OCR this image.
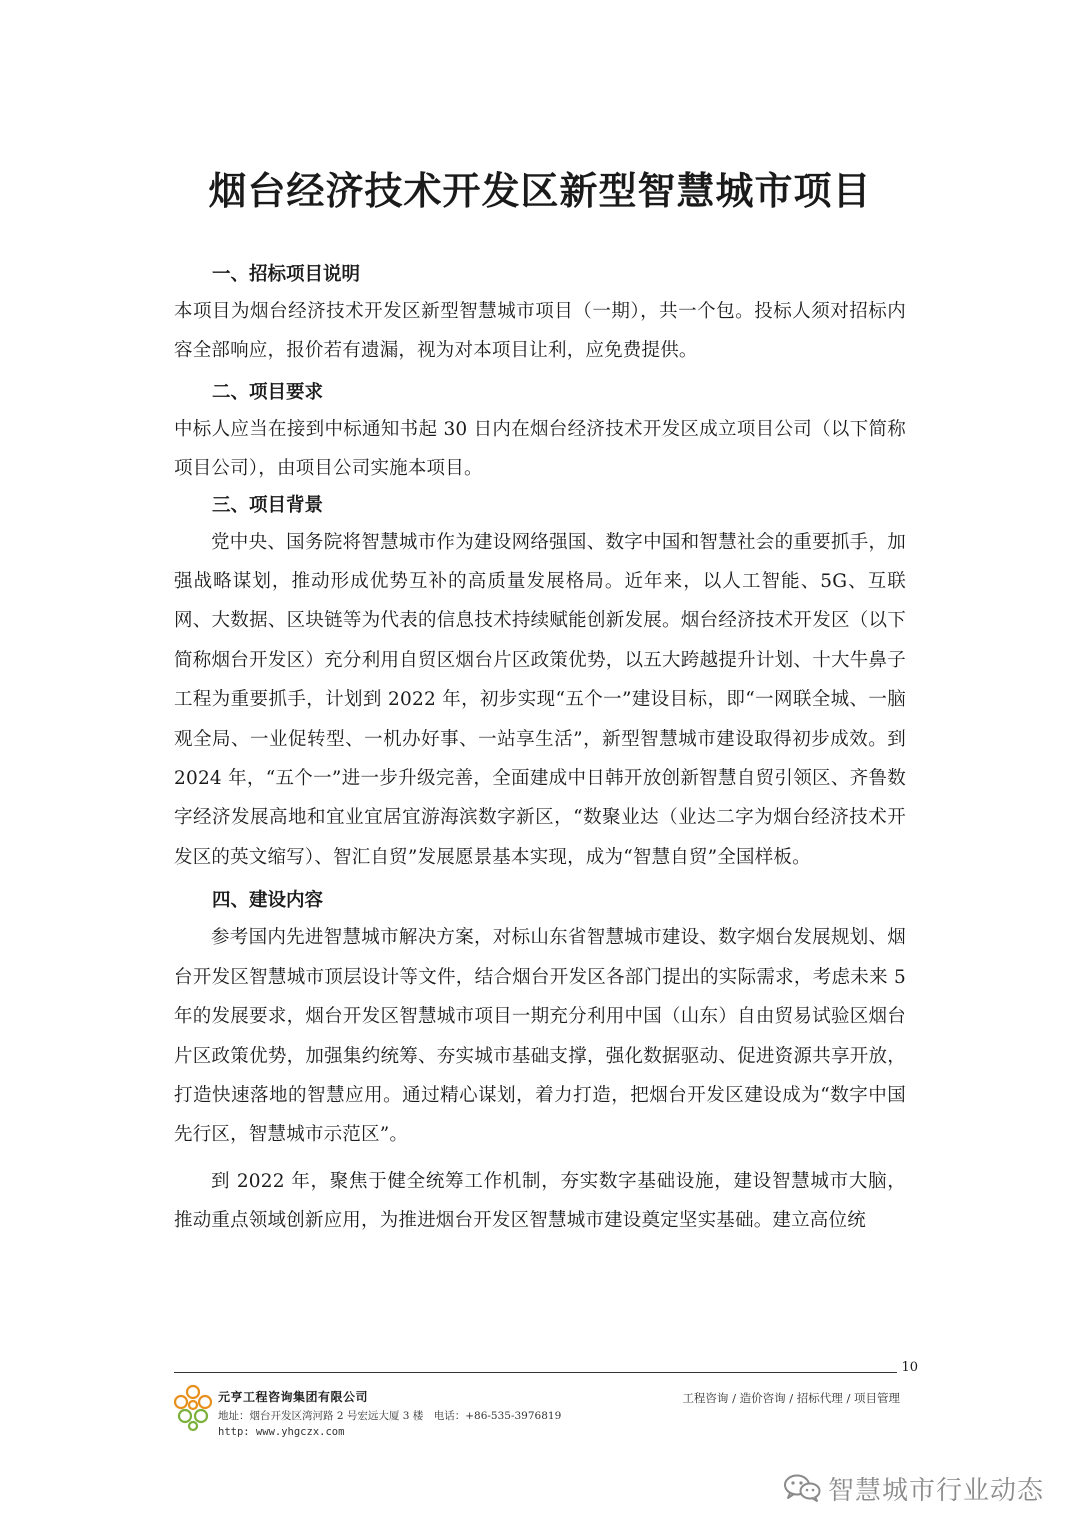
烟台经济技术开发区新型智慧城市项目
一、招标项目说明

本项目为烟台经济技术开发区新型智慧城市项目（一期），共一个包。投标人须对招标内容全部响应，报价若有遗漏，视为对本项目让利，应免费提供。

二、项目要求

中标人应当在接到中标通知书起 30 日内在烟台经济技术开发区成立项目公司（以下简称项目公司），由项目公司实施本项目。

三、项目背景

党中央、国务院将智慧城市作为建设网络强国、数字中国和智慧社会的重要抓手，加强战略谋划，推动形成优势互补的高质量发展格局。近年来，以人工智能、5G、互联网、大数据、区块链等为代表的信息技术持续赋能创新发展。烟台经济技术开发区（以下简称烟台开发区）充分利用自贸区烟台片区政策优势，以五大跨越提升计划、十大牛鼻子工程为重要抓手，计划到 2022 年，初步实现“五个一”建设目标，即“一网联全城、一脑观全局、一业促转型、一机办好事、一站享生活”，新型智慧城市建设取得初步成效。到 2024 年，“五个一”进一步升级完善，全面建成中日韩开放创新智慧自贸引领区、齐鲁数字经济发展高地和宜业宜居宜游海滨数字新区，“数聚业达（业达二字为烟台经济技术开发区的英文缩写）、智汇自贸”发展愿景基本实现，成为“智慧自贸”全国样板。

四、建设内容

参考国内先进智慧城市解决方案，对标山东省智慧城市建设、数字烟台发展规划、烟台开发区智慧城市顶层设计等文件，结合烟台开发区各部门提出的实际需求，考虑未来 5 年的发展要求，烟台开发区智慧城市项目一期充分利用中国（山东）自由贸易试验区烟台片区政策优势，加强集约统筹、夯实城市基础支撑，强化数据驱动、促进资源共享开放，打造快速落地的智慧应用。通过精心谋划，着力打造，把烟台开发区建设成为“数字中国先行区，智慧城市示范区”。

到 2022 年，聚焦于健全统筹工作机制，夯实数字基础设施，建设智慧城市大脑，推动重点领域创新应用，为推进烟台开发区智慧城市建设奠定坚实基础。建立高位统

10
元亨工程咨询集团有限公司
地址：烟台开发区湾河路 2 号宏远大厦 3 楼　电话：+86-535-3976819
http: www.yhgczx.com
工程咨询 / 造价咨询 / 招标代理 / 项目管理
智慧城市行业动态
